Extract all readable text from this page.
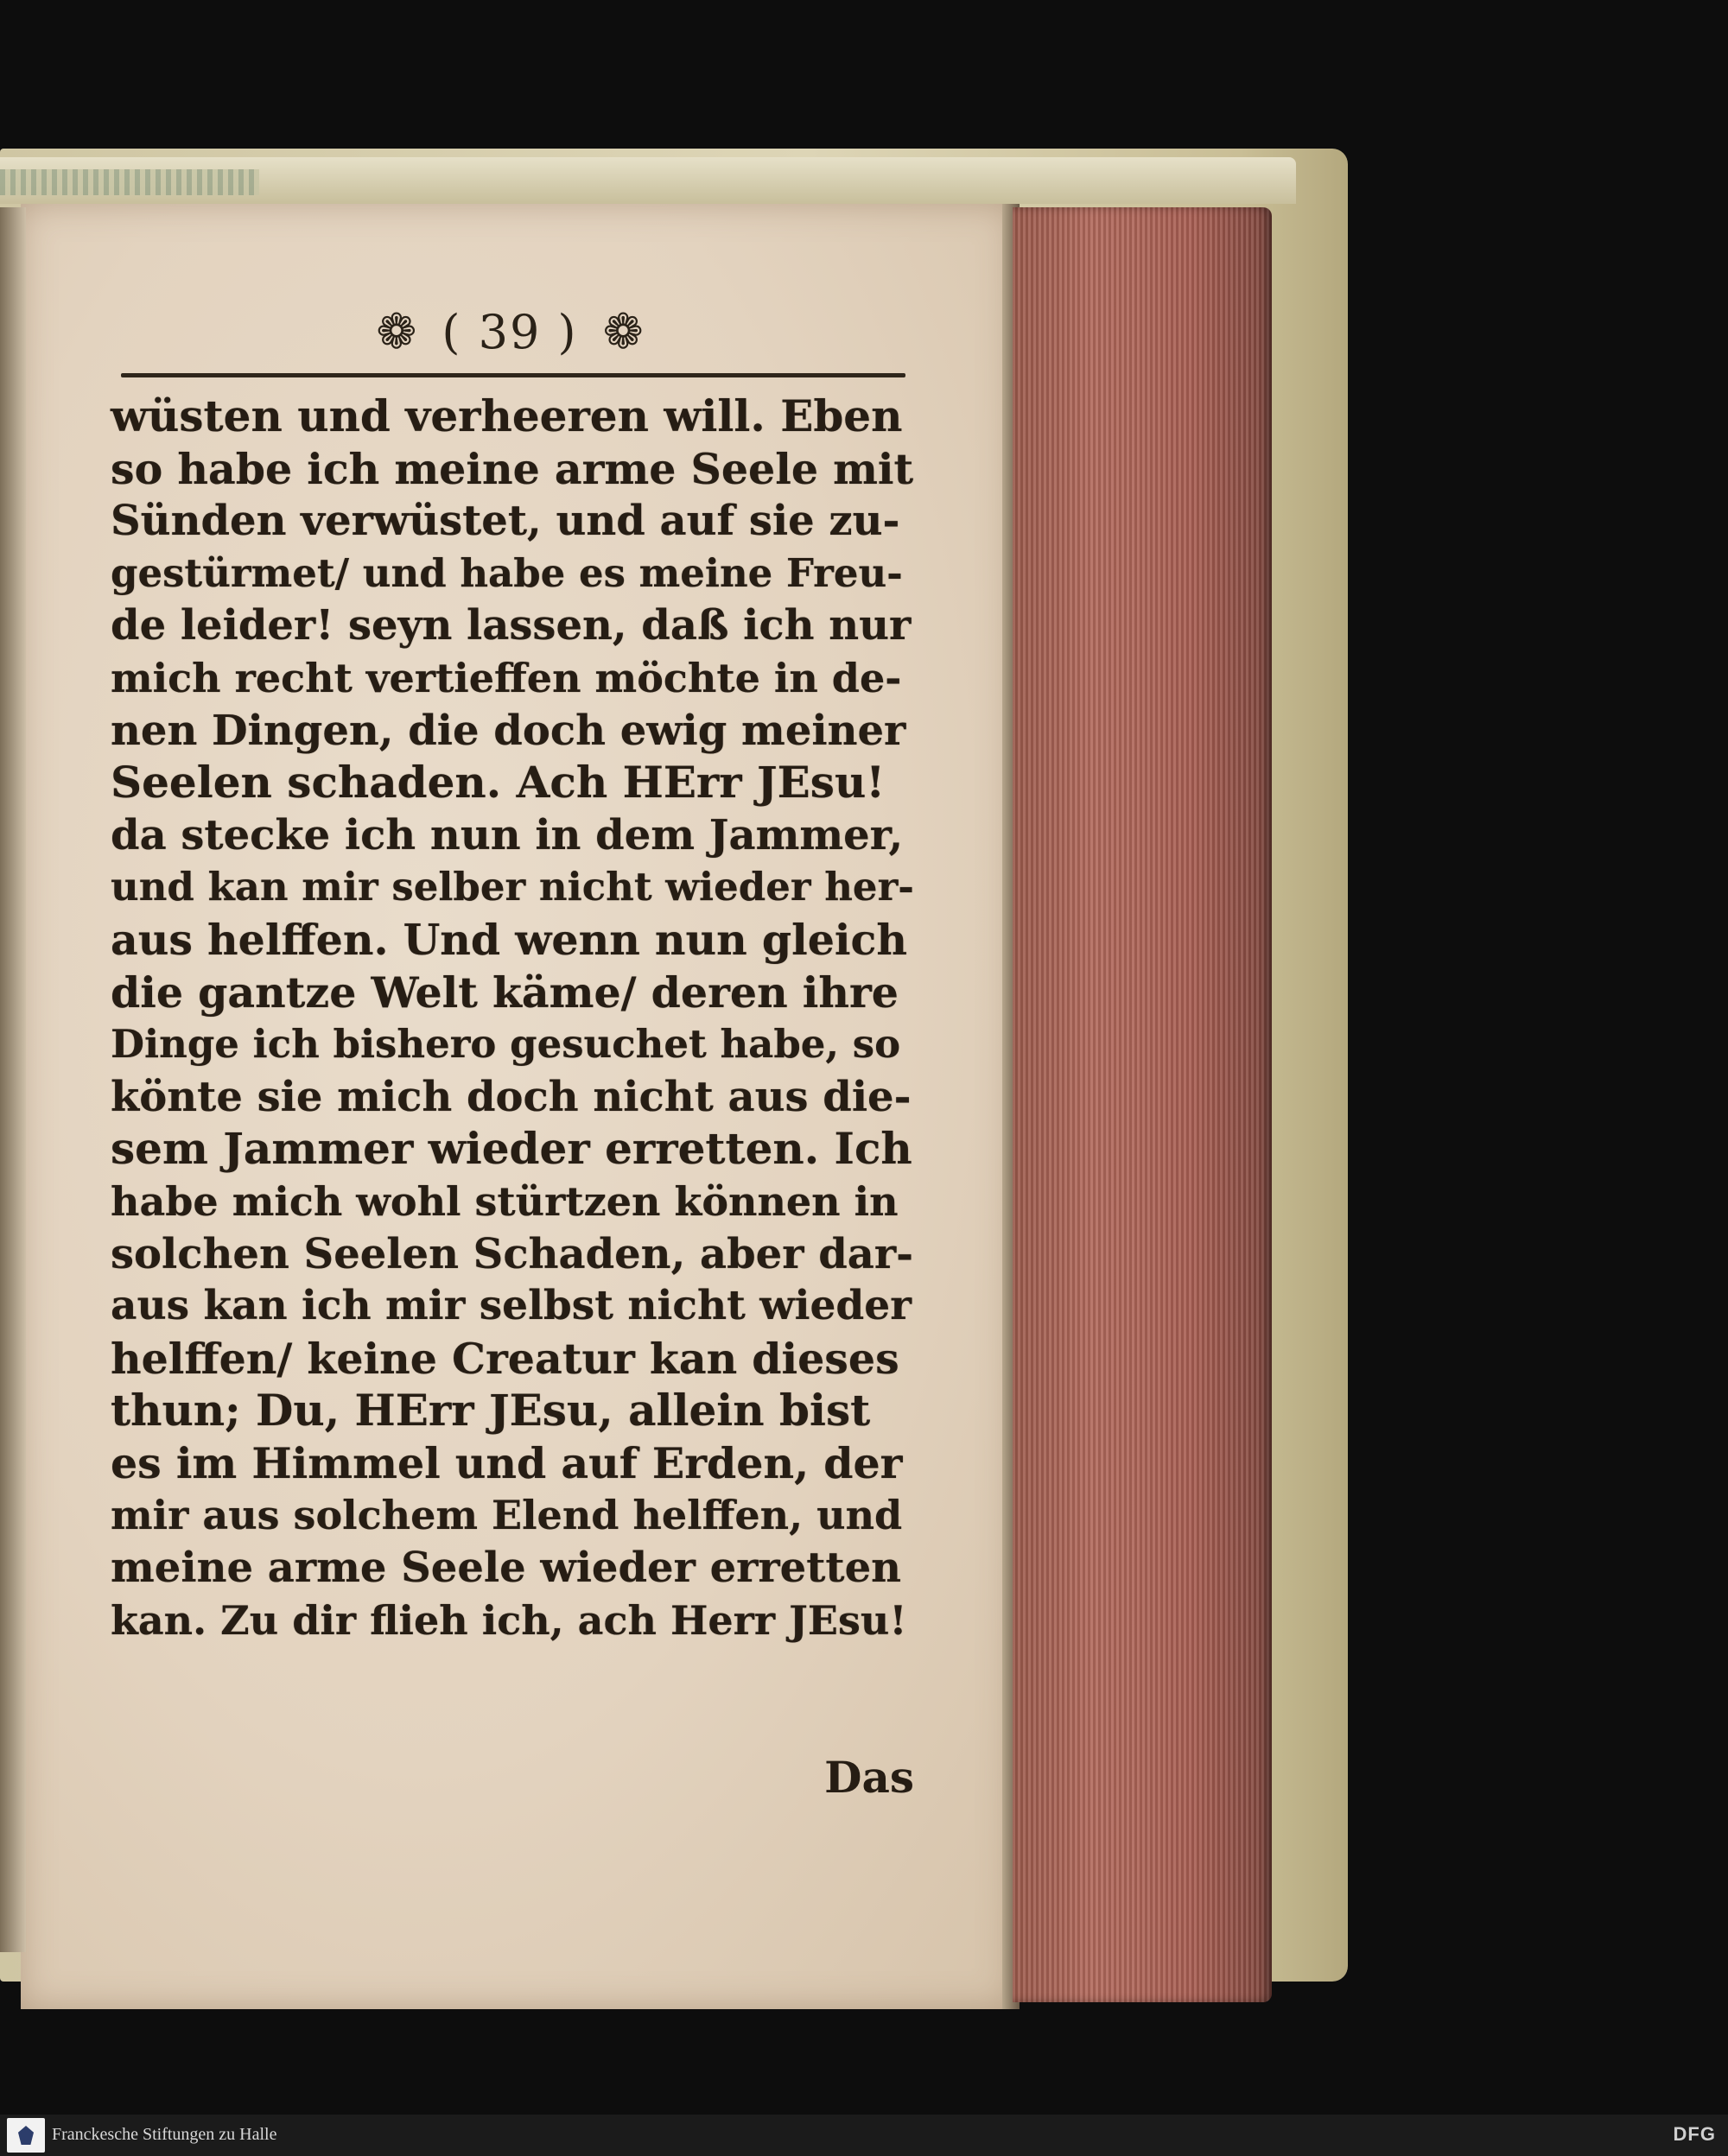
❁ ( 39 ) ❁
wüsten und verheeren will. Eben
so habe ich meine arme Seele mit
Sünden verwüstet, und auf sie zu-
gestürmet/ und habe es meine Freu-
de leider! seyn lassen, daß ich nur
mich recht vertieffen möchte in de-
nen Dingen, die doch ewig meiner
Seelen schaden. Ach HErr JEsu!
da stecke ich nun in dem Jammer,
und kan mir selber nicht wieder her-
aus helffen. Und wenn nun gleich
die gantze Welt käme/ deren ihre
Dinge ich bishero gesuchet habe, so
könte sie mich doch nicht aus die-
sem Jammer wieder erretten. Ich
habe mich wohl stürtzen können in
solchen Seelen Schaden, aber dar-
aus kan ich mir selbst nicht wieder
helffen/ keine Creatur kan dieses
thun; Du, HErr JEsu, allein bist
es im Himmel und auf Erden, der
mir aus solchem Elend helffen, und
meine arme Seele wieder erretten
kan. Zu dir flieh ich, ach Herr JEsu!
Das
Franckesche Stiftungen zu Halle	DFG
